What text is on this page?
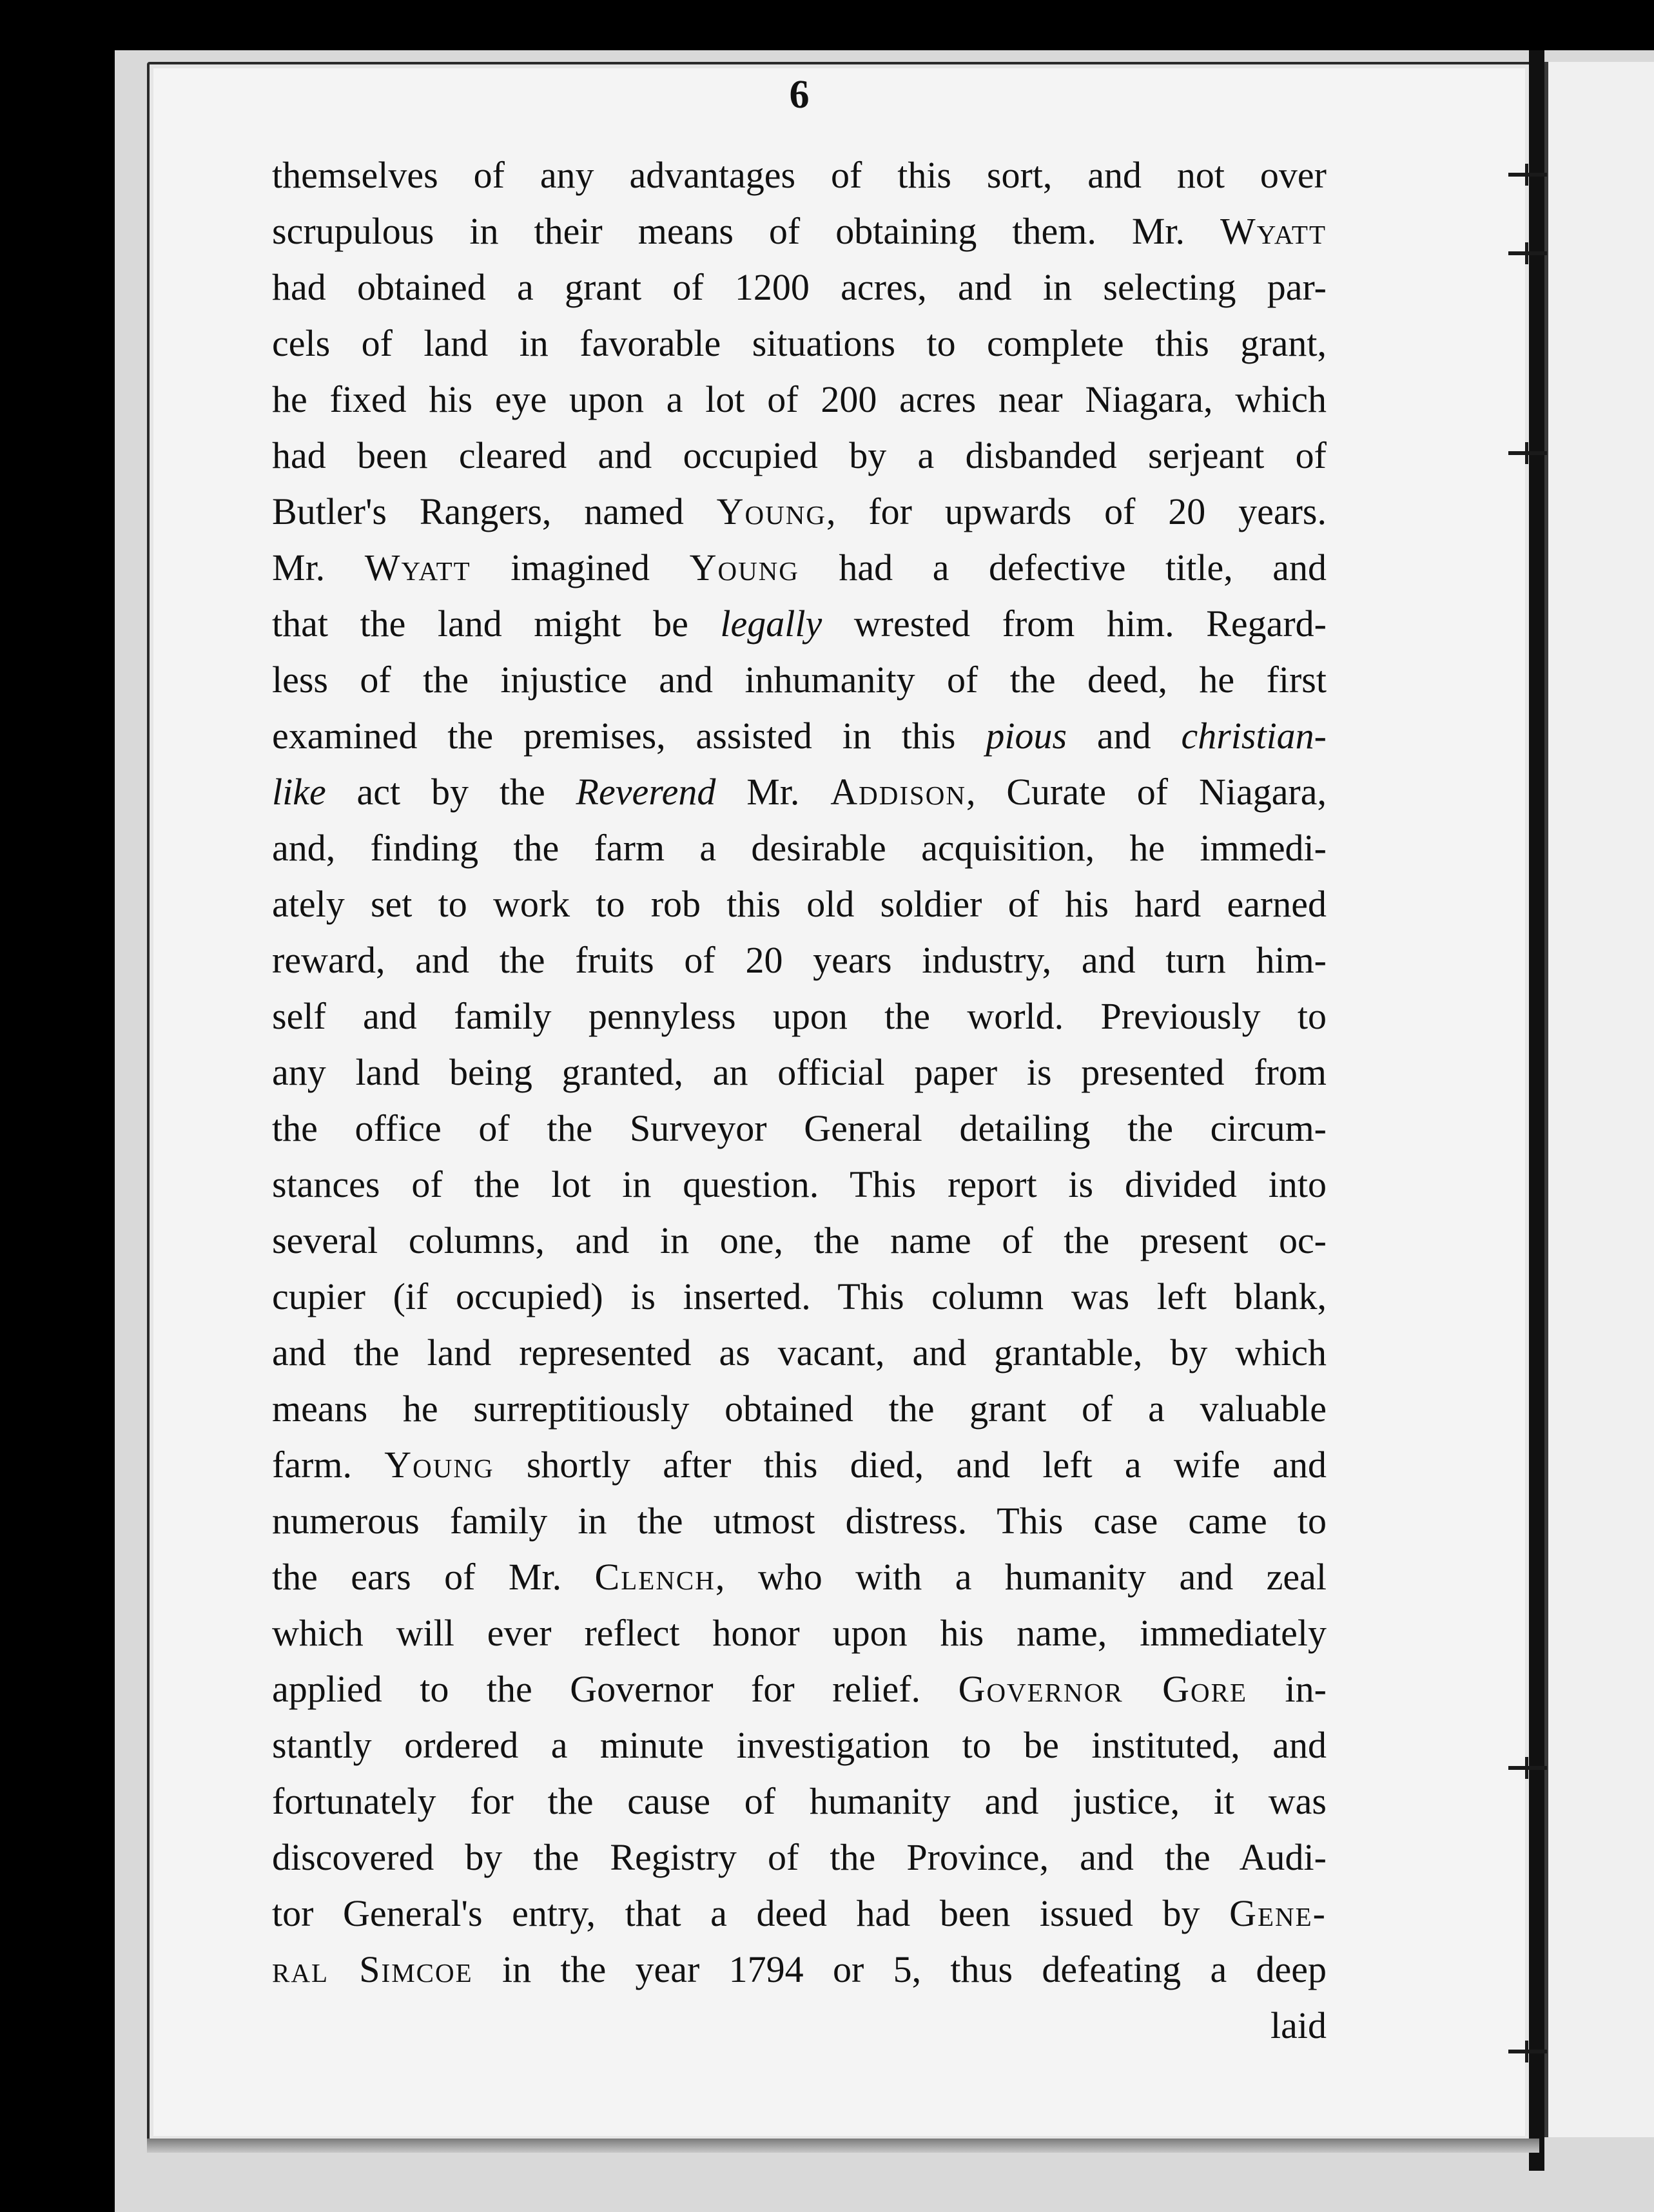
6
themselves of any advantages of this sort, and not over
scrupulous in their means of obtaining them. Mr. Wyatt
had obtained a grant of 1200 acres, and in selecting par-
cels of land in favorable situations to complete this grant,
he fixed his eye upon a lot of 200 acres near Niagara, which
had been cleared and occupied by a disbanded serjeant of
Butler's Rangers, named Young, for upwards of 20 years.
Mr. Wyatt imagined Young had a defective title, and
that the land might be legally wrested from him. Regard-
less of the injustice and inhumanity of the deed, he first
examined the premises, assisted in this pious and christian-
like act by the Reverend Mr. Addison, Curate of Niagara,
and, finding the farm a desirable acquisition, he immedi-
ately set to work to rob this old soldier of his hard earned
reward, and the fruits of 20 years industry, and turn him-
self and family pennyless upon the world. Previously to
any land being granted, an official paper is presented from
the office of the Surveyor General detailing the circum-
stances of the lot in question. This report is divided into
several columns, and in one, the name of the present oc-
cupier (if occupied) is inserted. This column was left blank,
and the land represented as vacant, and grantable, by which
means he surreptitiously obtained the grant of a valuable
farm. Young shortly after this died, and left a wife and
numerous family in the utmost distress. This case came to
the ears of Mr. Clench, who with a humanity and zeal
which will ever reflect honor upon his name, immediately
applied to the Governor for relief. Governor Gore in-
stantly ordered a minute investigation to be instituted, and
fortunately for the cause of humanity and justice, it was
discovered by the Registry of the Province, and the Audi-
tor General's entry, that a deed had been issued by Gene-
ral Simcoe in the year 1794 or 5, thus defeating a deep
laid
